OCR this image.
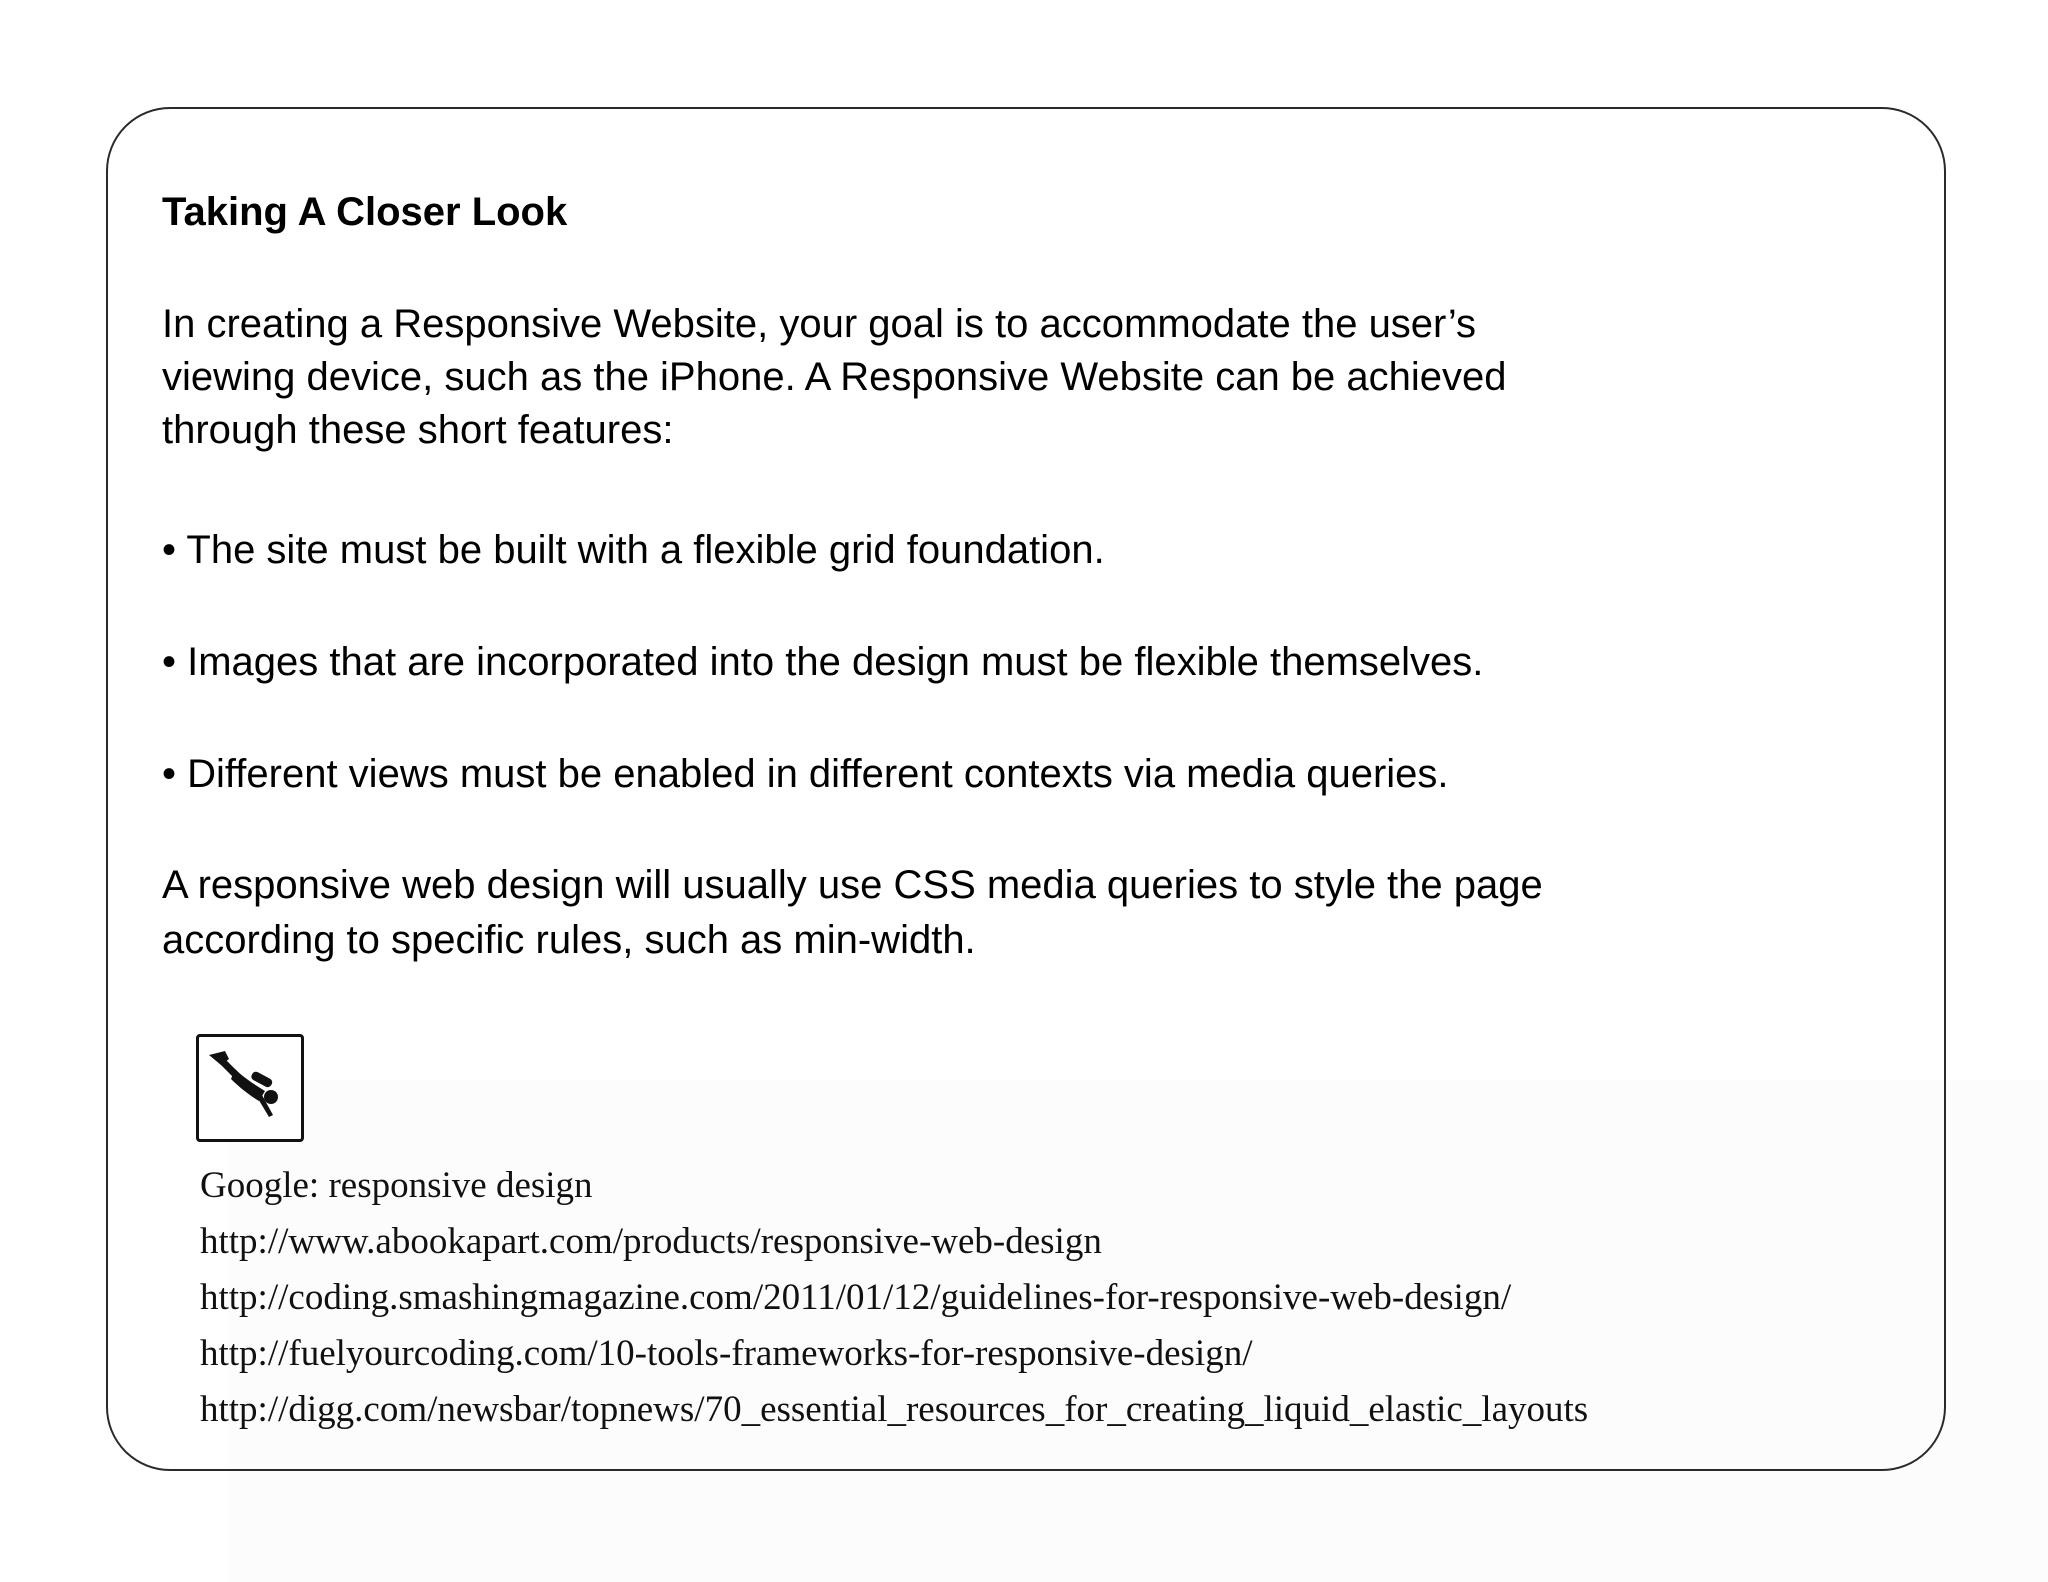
Taking A Closer Look

In creating a Responsive Website, your goal is to accommodate the user’s
viewing device, such as the iPhone. A Responsive Website can be achieved
through these short features:

• The site must be built with a flexible grid foundation.

• Images that are incorporated into the design must be flexible themselves.

• Different views must be enabled in different contexts via media queries.

A responsive web design will usually use CSS media queries to style the page
according to specific rules, such as min-width.

Google: responsive design
http://www.abookapart.com/products/responsive-web-design
http://coding.smashingmagazine.com/2011/01/12/guidelines-for-responsive-web-design/
http://fuelyourcoding.com/10-tools-frameworks-for-responsive-design/
http://digg.com/newsbar/topnews/70_essential_resources_for_creating_liquid_elastic_layouts
